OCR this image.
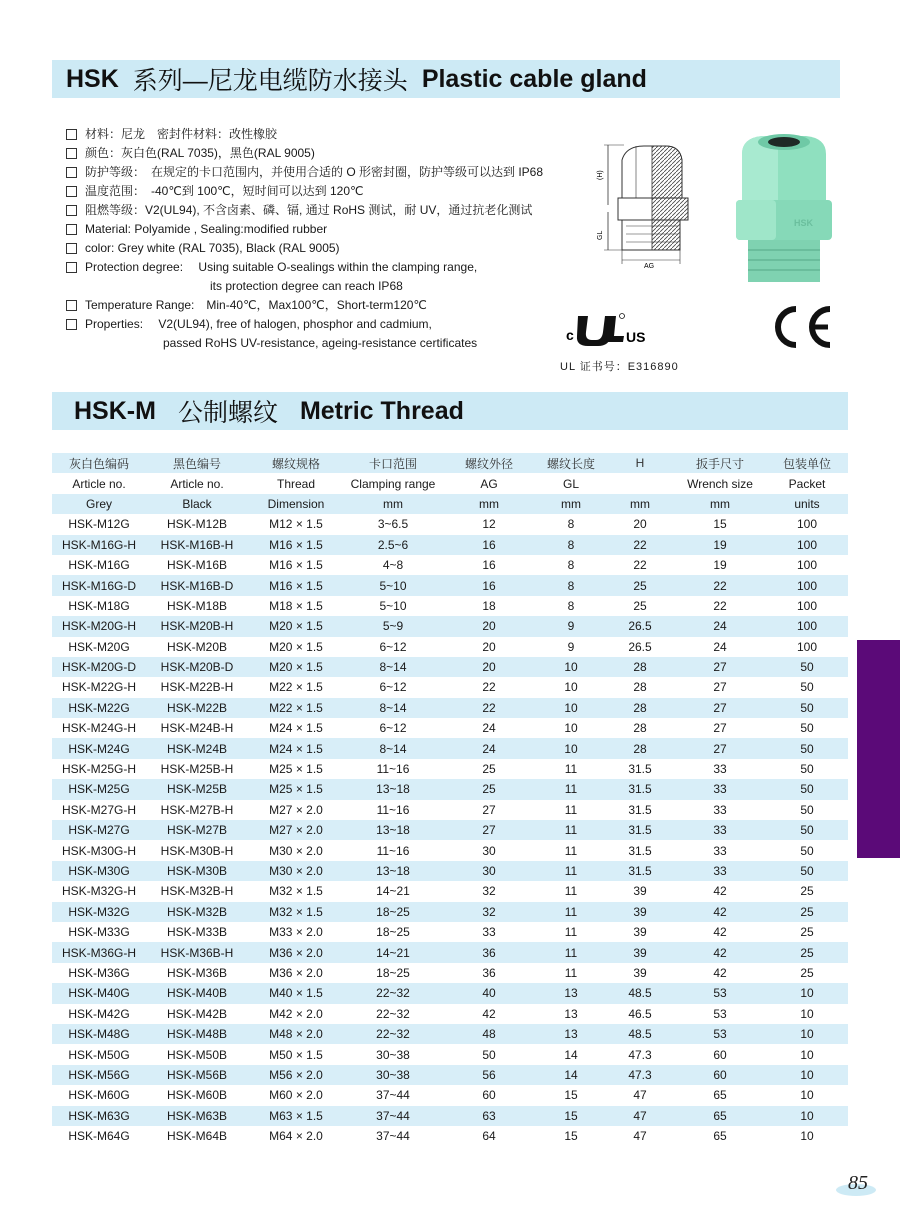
HSK 系列—尼龙电缆防水接头 Plastic cable gland
材料：尼龙　密封件材料：改性橡胶
颜色：灰白色(RAL 7035)，黑色(RAL 9005)
防护等级：　在规定的卡口范围内，并使用合适的 O 形密封圈，防护等级可以达到 IP68
温度范围：　-40℃到 100℃，短时间可以达到 120℃
阻燃等级：V2(UL94), 不含卤素、磷、镉, 通过 RoHS 测试，耐 UV，通过抗老化测试
Material: Polyamide , Sealing:modified rubber
color: Grey white (RAL 7035), Black (RAL 9005)
Protection degree:　 Using suitable O-sealings within the clamping range,
its protection degree can reach IP68
Temperature Range:　Min-40℃，Max100℃，Short-term120℃
Properties:　 V2(UL94), free of halogen, phosphor and cadmium,
passed RoHS UV-resistance, ageing-resistance certificates
(H)
GL
AG
HSK
c	US
UL 证书号：E316890
HSK-M 公制螺纹 Metric Thread
灰白色编码	黑色编号	螺纹规格	卡口范围	螺纹外径	螺纹长度	H	扳手尺寸	包装单位
Article no.	Article no.	Thread	Clamping range	AG	GL		Wrench size	Packet
Grey	Black	Dimension	mm	mm	mm	mm	mm	units
HSK-M12G	HSK-M12B	M12 × 1.5	3~6.5	12	8	20	15	100
HSK-M16G-H	HSK-M16B-H	M16 × 1.5	2.5~6	16	8	22	19	100
HSK-M16G	HSK-M16B	M16 × 1.5	4~8	16	8	22	19	100
HSK-M16G-D	HSK-M16B-D	M16 × 1.5	5~10	16	8	25	22	100
HSK-M18G	HSK-M18B	M18 × 1.5	5~10	18	8	25	22	100
HSK-M20G-H	HSK-M20B-H	M20 × 1.5	5~9	20	9	26.5	24	100
HSK-M20G	HSK-M20B	M20 × 1.5	6~12	20	9	26.5	24	100
HSK-M20G-D	HSK-M20B-D	M20 × 1.5	8~14	20	10	28	27	50
HSK-M22G-H	HSK-M22B-H	M22 × 1.5	6~12	22	10	28	27	50
HSK-M22G	HSK-M22B	M22 × 1.5	8~14	22	10	28	27	50
HSK-M24G-H	HSK-M24B-H	M24 × 1.5	6~12	24	10	28	27	50
HSK-M24G	HSK-M24B	M24 × 1.5	8~14	24	10	28	27	50
HSK-M25G-H	HSK-M25B-H	M25 × 1.5	11~16	25	11	31.5	33	50
HSK-M25G	HSK-M25B	M25 × 1.5	13~18	25	11	31.5	33	50
HSK-M27G-H	HSK-M27B-H	M27 × 2.0	11~16	27	11	31.5	33	50
HSK-M27G	HSK-M27B	M27 × 2.0	13~18	27	11	31.5	33	50
HSK-M30G-H	HSK-M30B-H	M30 × 2.0	11~16	30	11	31.5	33	50
HSK-M30G	HSK-M30B	M30 × 2.0	13~18	30	11	31.5	33	50
HSK-M32G-H	HSK-M32B-H	M32 × 1.5	14~21	32	11	39	42	25
HSK-M32G	HSK-M32B	M32 × 1.5	18~25	32	11	39	42	25
HSK-M33G	HSK-M33B	M33 × 2.0	18~25	33	11	39	42	25
HSK-M36G-H	HSK-M36B-H	M36 × 2.0	14~21	36	11	39	42	25
HSK-M36G	HSK-M36B	M36 × 2.0	18~25	36	11	39	42	25
HSK-M40G	HSK-M40B	M40 × 1.5	22~32	40	13	48.5	53	10
HSK-M42G	HSK-M42B	M42 × 2.0	22~32	42	13	46.5	53	10
HSK-M48G	HSK-M48B	M48 × 2.0	22~32	48	13	48.5	53	10
HSK-M50G	HSK-M50B	M50 × 1.5	30~38	50	14	47.3	60	10
HSK-M56G	HSK-M56B	M56 × 2.0	30~38	56	14	47.3	60	10
HSK-M60G	HSK-M60B	M60 × 2.0	37~44	60	15	47	65	10
HSK-M63G	HSK-M63B	M63 × 1.5	37~44	63	15	47	65	10
HSK-M64G	HSK-M64B	M64 × 2.0	37~44	64	15	47	65	10
85
